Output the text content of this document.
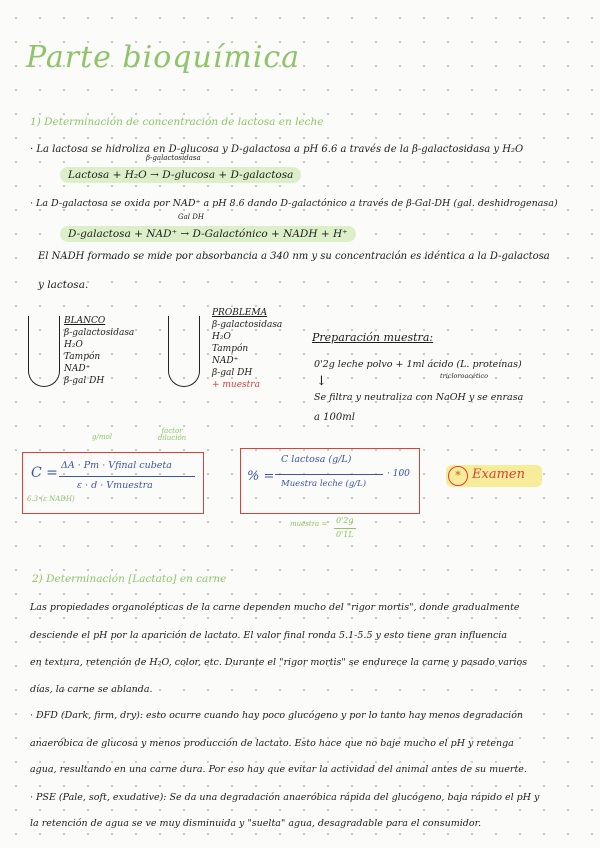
Parte bioquímica
1) Determinación de concentración de lactosa en leche
· La lactosa se hidroliza en D-glucosa y D-galactosa a pH 6.6 a través de la β-galactosidasa y H₂O
β-galactosidasa
Lactosa + H₂O → D-glucosa + D-galactosa
· La D-galactosa se oxida por NAD⁺ a pH 8.6 dando D-galactónico a través de β-Gal-DH (gal. deshidrogenasa)
Gal DH
D-galactosa + NAD⁺ → D-Galactónico + NADH + H⁺
El NADH formado se mide por absorbancia a 340 nm y su concentración es idéntica a la D-galactosa
y lactosa.
BLANCO
β-galactosidasa
H₂O
Tampón
NAD⁺
β-gal DH
PROBLEMA
β-galactosidasa
H₂O
Tampón
NAD⁺
β-gal DH
+ muestra
Preparación muestra:
0'2g leche polvo + 1ml ácido (L. proteínas)
tricloroacético
↓
Se filtra y neutraliza con NaOH y se enrasa
a 100ml
g/mol
factor dilución
C = ΔA · Pm · Vfinal cubeta
ε · d · Vmuestra
6.3 (ε NADH)
% =
C lactosa (g/L)
Muestra leche (g/L)
· 100
muestra = 0'2g
0'1L
* Examen
2) Determinación [Lactato] en carne
Las propiedades organolépticas de la carne dependen mucho del "rigor mortis", donde gradualmente
desciende el pH por la aparición de lactato. El valor final ronda 5.1-5.5 y esto tiene gran influencia
en textura, retención de H₂O, color, etc. Durante el "rigor mortis" se endurece la carne y pasado varios
días, la carne se ablanda.
· DFD (Dark, firm, dry): esto ocurre cuando hay poco glucógeno y por lo tanto hay menos degradación
anaeróbica de glucosa y menos producción de lactato. Esto hace que no baje mucho el pH y retenga
agua, resultando en una carne dura. Por eso hay que evitar la actividad del animal antes de su muerte.
· PSE (Pale, soft, exudative): Se da una degradación anaeróbica rápida del glucógeno, baja rápido el pH y
la retención de agua se ve muy disminuida y "suelta" agua, desagradable para el consumidor.
